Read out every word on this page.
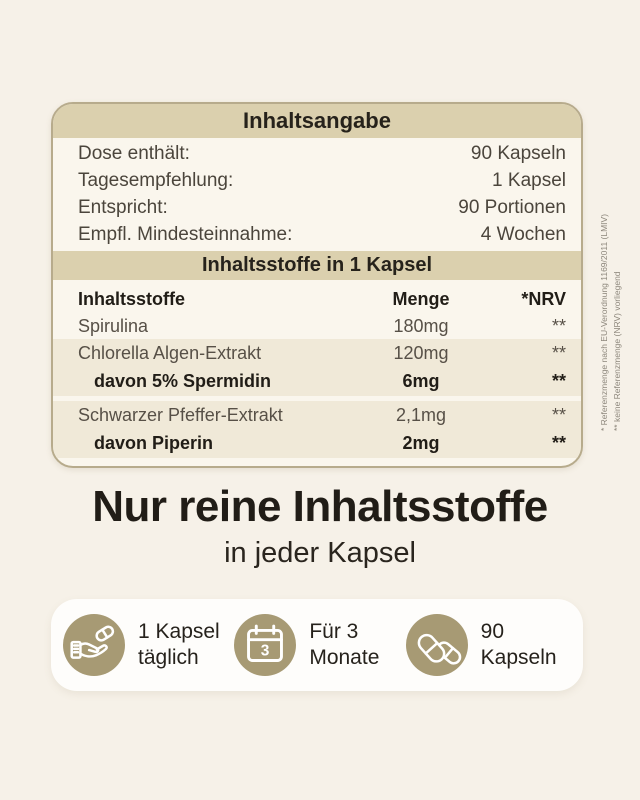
Inhaltsangabe
Dose enthält:	90 Kapseln
Tagesempfehlung:	1 Kapsel
Entspricht:	90 Portionen
Empfl. Mindesteinnahme:	4 Wochen
Inhaltsstoffe in 1 Kapsel
Inhaltsstoffe	Menge	*NRV
Spirulina	180mg	**
Chlorella Algen-Extrakt	120mg	**
davon 5% Spermidin	6mg	**
Schwarzer Pfeffer-Extrakt	2,1mg	**
davon Piperin	2mg	**
* Referenzmenge nach EU-Verordnung 1169/2011 (LMIV) ** keine Referenzmenge (NRV) vorliegend
Nur reine Inhaltsstoffe
in jeder Kapsel
1 Kapsel
täglich	3
Für 3
Monate
90
Kapseln
